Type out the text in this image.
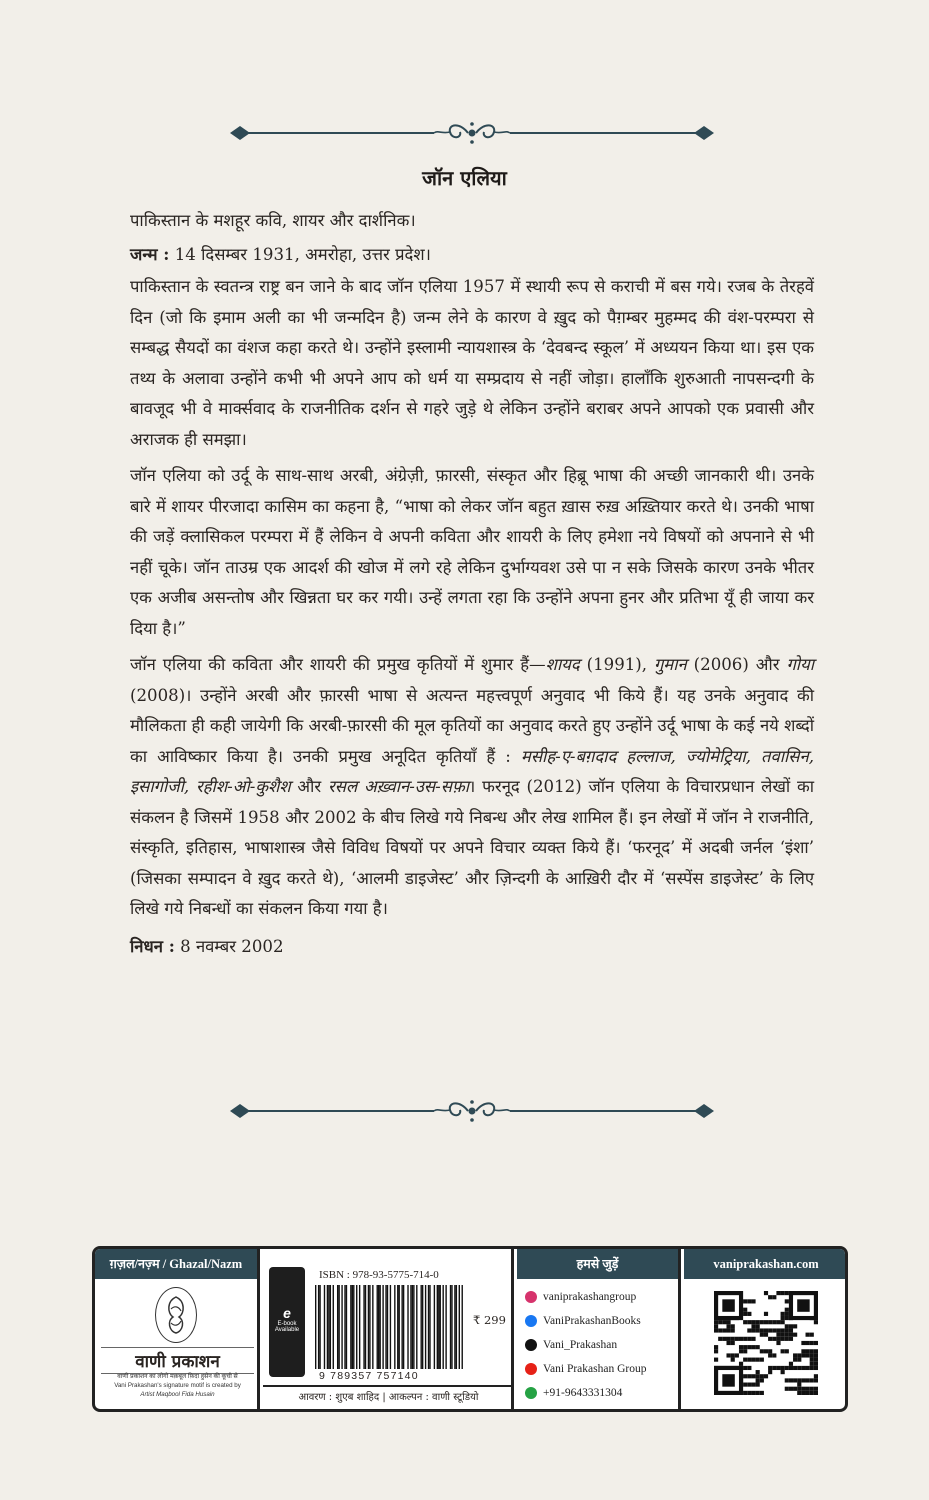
जॉन एलिया

पाकिस्तान के मशहूर कवि, शायर और दार्शनिक।

जन्म : 14 दिसम्बर 1931, अमरोहा, उत्तर प्रदेश।

पाकिस्तान के स्वतन्त्र राष्ट्र बन जाने के बाद जॉन एलिया 1957 में स्थायी रूप से कराची में बस गये। रजब के तेरहवें दिन (जो कि इमाम अली का भी जन्मदिन है) जन्म लेने के कारण वे ख़ुद को पैग़म्बर मुहम्मद की वंश-परम्परा से सम्बद्ध सैयदों का वंशज कहा करते थे। उन्होंने इस्लामी न्यायशास्त्र के ‘देवबन्द स्कूल’ में अध्ययन किया था। इस एक तथ्य के अलावा उन्होंने कभी भी अपने आप को धर्म या सम्प्रदाय से नहीं जोड़ा। हालाँकि शुरुआती नापसन्दगी के बावजूद भी वे मार्क्सवाद के राजनीतिक दर्शन से गहरे जुड़े थे लेकिन उन्होंने बराबर अपने आपको एक प्रवासी और अराजक ही समझा।

जॉन एलिया को उर्दू के साथ-साथ अरबी, अंग्रेज़ी, फ़ारसी, संस्कृत और हिब्रू भाषा की अच्छी जानकारी थी। उनके बारे में शायर पीरजादा कासिम का कहना है, “भाषा को लेकर जॉन बहुत ख़ास रुख़ अख़्तियार करते थे। उनकी भाषा की जड़ें क्लासिकल परम्परा में हैं लेकिन वे अपनी कविता और शायरी के लिए हमेशा नये विषयों को अपनाने से भी नहीं चूके। जॉन ताउम्र एक आदर्श की खोज में लगे रहे लेकिन दुर्भाग्यवश उसे पा न सके जिसके कारण उनके भीतर एक अजीब असन्तोष और खिन्नता घर कर गयी। उन्हें लगता रहा कि उन्होंने अपना हुनर और प्रतिभा यूँ ही जाया कर दिया है।”

जॉन एलिया की कविता और शायरी की प्रमुख कृतियों में शुमार हैं—शायद (1991), गुमान (2006) और गोया (2008)। उन्होंने अरबी और फ़ारसी भाषा से अत्यन्त महत्त्वपूर्ण अनुवाद भी किये हैं। यह उनके अनुवाद की मौलिकता ही कही जायेगी कि अरबी-फ़ारसी की मूल कृतियों का अनुवाद करते हुए उन्होंने उर्दू भाषा के कई नये शब्दों का आविष्कार किया है। उनकी प्रमुख अनूदित कृतियाँ हैं : मसीह-ए-बग़दाद हल्लाज, ज्योमेट्रिया, तवासिन, इसागोजी, रहीश-ओ-कुशैश और रसल अख़्वान-उस-सफ़ा। फरनूद (2012) जॉन एलिया के विचारप्रधान लेखों का संकलन है जिसमें 1958 और 2002 के बीच लिखे गये निबन्ध और लेख शामिल हैं। इन लेखों में जॉन ने राजनीति, संस्कृति, इतिहास, भाषाशास्त्र जैसे विविध विषयों पर अपने विचार व्यक्त किये हैं। ‘फरनूद’ में अदबी जर्नल ‘इंशा’ (जिसका सम्पादन वे ख़ुद करते थे), ‘आलमी डाइजेस्ट’ और ज़िन्दगी के आख़िरी दौर में ‘सस्पेंस डाइजेस्ट’ के लिए लिखे गये निबन्धों का संकलन किया गया है।

निधन : 8 नवम्बर 2002

ग़ज़ल/नज़्म / Ghazal/Nazm
वाणी प्रकाशन
वाणी प्रकाशन का लोगो मक़बूल फ़िदा हुसेन की कूची से
Vani Prakashan's signature motif is created by
Artist Maqbool Fida Husain
e
E-book Available
ISBN : 978-93-5775-714-0
9 789357 757140
₹ 299
आवरण : शुएब शाहिद | आकल्पन : वाणी स्टूडियो
हमसे जुड़ें
vaniprakashangroup
VaniPrakashanBooks
Vani_Prakashan
Vani Prakashan Group
+91-9643331304
vaniprakashan.com
